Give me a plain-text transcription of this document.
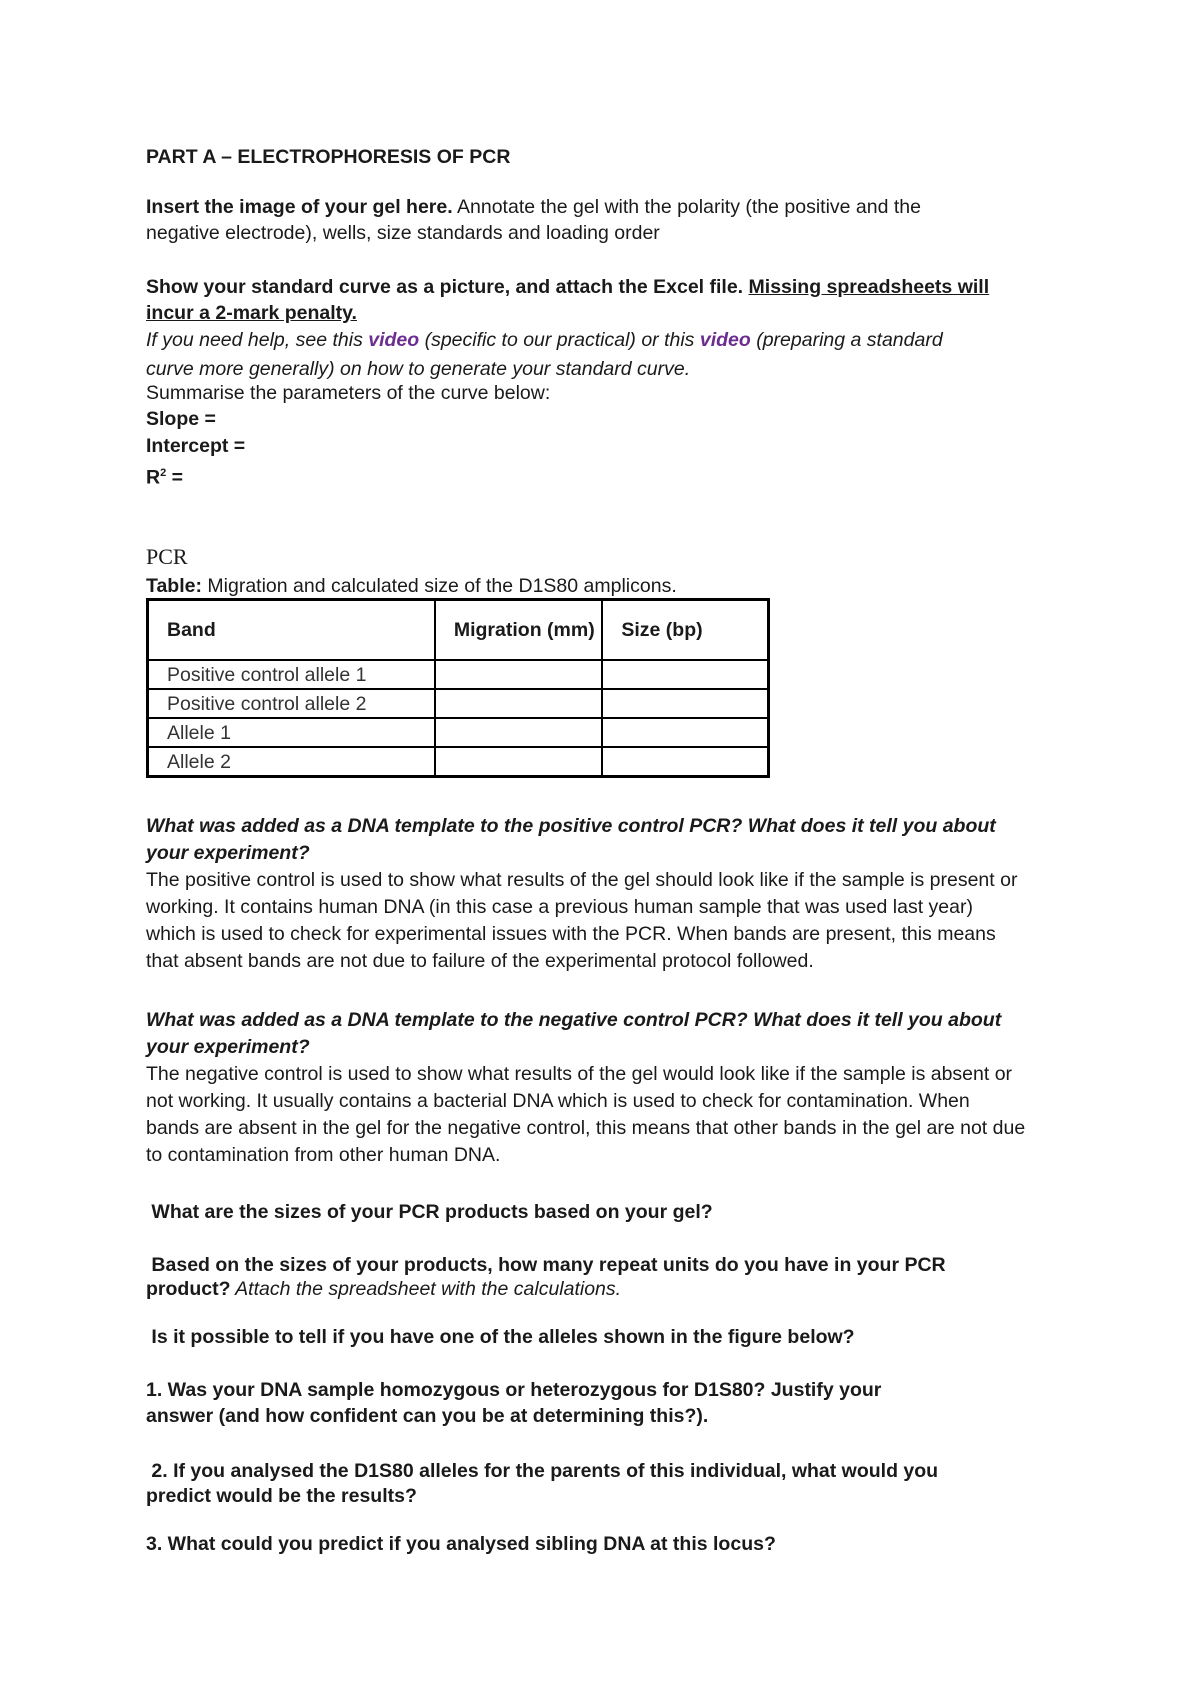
PART A – ELECTROPHORESIS OF PCR

Insert the image of your gel here. Annotate the gel with the polarity (the positive and the

negative electrode), wells, size standards and loading order

Show your standard curve as a picture, and attach the Excel file. Missing spreadsheets will

incur a 2-mark penalty.

If you need help, see this video (specific to our practical) or this video (preparing a standard

curve more generally) on how to generate your standard curve.

Summarise the parameters of the curve below:

Slope =

Intercept =

$R^2$ =

PCR

Table: Migration and calculated size of the D1S80 amplicons.

Band	Migration (mm)	Size (bp)
Positive control allele 1		
Positive control allele 2		
Allele 1		
Allele 2		

What was added as a DNA template to the positive control PCR? What does it tell you about

your experiment?

The positive control is used to show what results of the gel should look like if the sample is present or

working. It contains human DNA (in this case a previous human sample that was used last year)

which is used to check for experimental issues with the PCR. When bands are present, this means

that absent bands are not due to failure of the experimental protocol followed.

What was added as a DNA template to the negative control PCR? What does it tell you about

your experiment?

The negative control is used to show what results of the gel would look like if the sample is absent or

not working. It usually contains a bacterial DNA which is used to check for contamination. When

bands are absent in the gel for the negative control, this means that other bands in the gel are not due

to contamination from other human DNA.

What are the sizes of your PCR products based on your gel?

Based on the sizes of your products, how many repeat units do you have in your PCR

product? Attach the spreadsheet with the calculations.

Is it possible to tell if you have one of the alleles shown in the figure below?

1. Was your DNA sample homozygous or heterozygous for D1S80? Justify your

answer (and how confident can you be at determining this?).

2. If you analysed the D1S80 alleles for the parents of this individual, what would you

predict would be the results?

3. What could you predict if you analysed sibling DNA at this locus?
